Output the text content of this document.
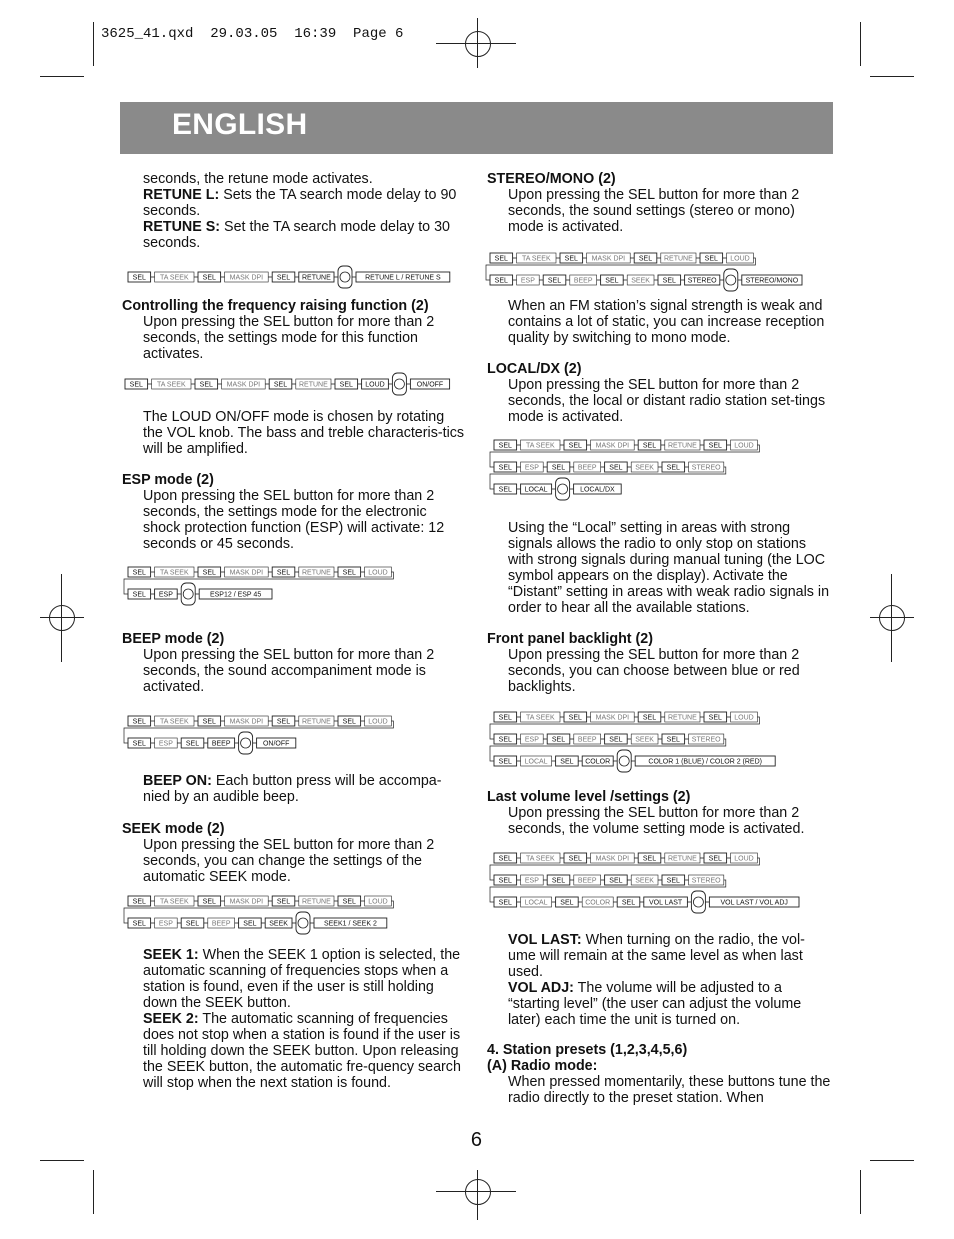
3625_41.qxd  29.03.05  16:39  Page 6
ENGLISH

seconds, the retune mode activates.

RETUNE L: Sets the TA search mode delay to 90 seconds.

RETUNE S: Set the TA search mode delay to 30 seconds.

SEL TA SEEK SEL MASK DPI SEL RETUNE	RETUNE L / RETUNE S

Controlling the frequency raising function (2)

Upon pressing the SEL button for more than 2 seconds, the settings mode for this function activates.

SEL TA SEEK SEL MASK DPI SEL RETUNE SEL LOUD	ON/OFF

The LOUD ON/OFF mode is chosen by rotating the VOL knob. The bass and treble characteris-tics will be amplified.

ESP mode (2)

Upon pressing the SEL button for more than 2 seconds, the settings mode for the electronic shock protection function (ESP) will activate: 12 seconds or 45 seconds.

SEL TA SEEK SEL MASK DPI SEL RETUNE SEL LOUD
SEL ESP	ESP12 / ESP 45

BEEP mode (2)

Upon pressing the SEL button for more than 2 seconds, the sound accompaniment mode is activated.

SEL TA SEEK SEL MASK DPI SEL RETUNE SEL LOUD
SEL ESP SEL BEEP	ON/OFF

BEEP ON: Each button press will be accompa-nied by an audible beep.

SEEK mode (2)

Upon pressing the SEL button for more than 2 seconds, you can change the settings of the automatic SEEK mode.

SEL TA SEEK SEL MASK DPI SEL RETUNE SEL LOUD
SEL ESP SEL BEEP SEL SEEK	SEEK1 / SEEK 2

SEEK 1: When the SEEK 1 option is selected, the automatic scanning of frequencies stops when a station is found, even if the user is still holding down the SEEK button.

SEEK 2: The automatic scanning of frequencies does not stop when a station is found if the user is till holding down the SEEK button. Upon releasing the SEEK button, the automatic fre-quency search will stop when the next station is found.

STEREO/MONO (2)

Upon pressing the SEL button for more than 2 seconds, the sound settings (stereo or mono) mode is activated.

SEL TA SEEK SEL MASK DPI SEL RETUNE SEL LOUD
SEL ESP SEL BEEP SEL SEEK SEL STEREO	STEREO/MONO

When an FM station’s signal strength is weak and contains a lot of static, you can increase reception quality by switching to mono mode.

LOCAL/DX (2)

Upon pressing the SEL button for more than 2 seconds, the local or distant radio station set-tings mode is activated.

SEL TA SEEK SEL MASK DPI SEL RETUNE SEL LOUD
SEL ESP SEL BEEP SEL SEEK SEL STEREO
SEL LOCAL	LOCAL/DX

Using the “Local” setting in areas with strong signals allows the radio to only stop on stations with strong signals during manual tuning (the LOC symbol appears on the display). Activate the “Distant” setting in areas with weak radio signals in order to hear all the available stations.

Front panel backlight (2)

Upon pressing the SEL button for more than 2 seconds, you can choose between blue or red backlights.

SEL TA SEEK SEL MASK DPI SEL RETUNE SEL LOUD
SEL ESP SEL BEEP SEL SEEK SEL STEREO
SEL LOCAL SEL COLOR	COLOR 1 (BLUE) / COLOR 2 (RED)

Last volume level /settings (2)

Upon pressing the SEL button for more than 2 seconds, the volume setting mode is activated.

SEL TA SEEK SEL MASK DPI SEL RETUNE SEL LOUD
SEL ESP SEL BEEP SEL SEEK SEL STEREO
SEL LOCAL SEL COLOR SEL VOL LAST	VOL LAST / VOL ADJ

VOL LAST: When turning on the radio, the vol-ume will remain at the same level as when last used.

VOL ADJ: The volume will be adjusted to a “starting level” (the user can adjust the volume later) each time the unit is turned on.

4. Station presets (1,2,3,4,5,6)

(A) Radio mode:

When pressed momentarily, these buttons tune the radio directly to the preset station. When

6
